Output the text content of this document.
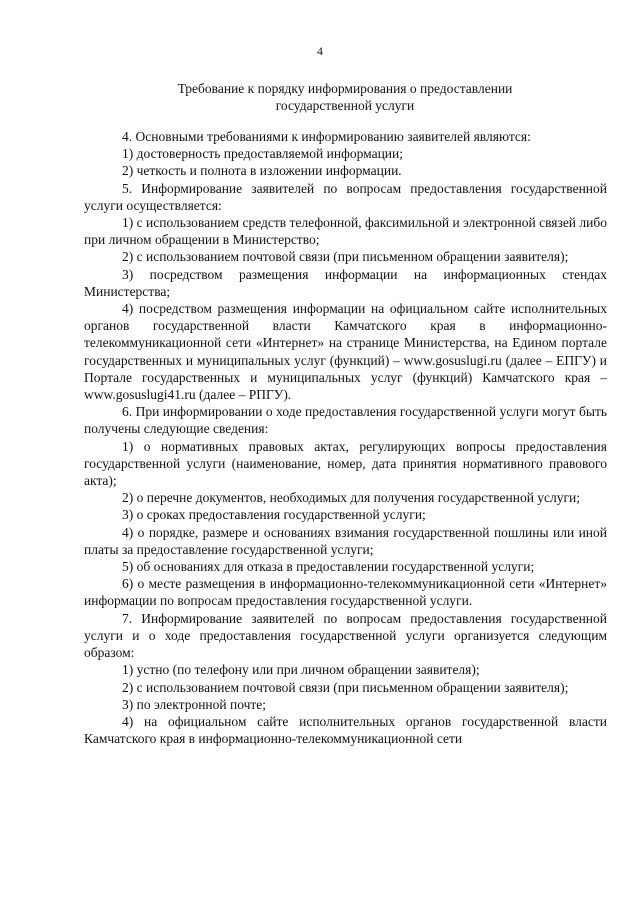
4
Требование к порядку информирования о предоставлении
государственной услуги

4. Основными требованиями к информированию заявителей являются:

1) достоверность предоставляемой информации;

2) четкость и полнота в изложении информации.

5. Информирование заявителей по вопросам предоставления государственной услуги осуществляется:

1) с использованием средств телефонной, факсимильной и электронной связей либо при личном обращении в Министерство;

2) с использованием почтовой связи (при письменном обращении заявителя);

3) посредством размещения информации на информационных стендах Министерства;

4) посредством размещения информации на официальном сайте исполнительных органов государственной власти Камчатского края в информационно-телекоммуникационной сети «Интернет» на странице Министерства, на Едином портале государственных и муниципальных услуг (функций) – www.gosuslugi.ru (далее – ЕПГУ) и Портале государственных и муниципальных услуг (функций) Камчатского края – www.gosuslugi41.ru (далее – РПГУ).

6. При информировании о ходе предоставления государственной услуги могут быть получены следующие сведения:

1) о нормативных правовых актах, регулирующих вопросы предоставления государственной услуги (наименование, номер, дата принятия нормативного правового акта);

2) о перечне документов, необходимых для получения государственной услуги;

3) о сроках предоставления государственной услуги;

4) о порядке, размере и основаниях взимания государственной пошлины или иной платы за предоставление государственной услуги;

5) об основаниях для отказа в предоставлении государственной услуги;

6) о месте размещения в информационно-телекоммуникационной сети «Интернет» информации по вопросам предоставления государственной услуги.

7. Информирование заявителей по вопросам предоставления государственной услуги и о ходе предоставления государственной услуги организуется следующим образом:

1) устно (по телефону или при личном обращении заявителя);

2) с использованием почтовой связи (при письменном обращении заявителя);

3) по электронной почте;

4) на официальном сайте исполнительных органов государственной власти Камчатского края в информационно-телекоммуникационной сети
